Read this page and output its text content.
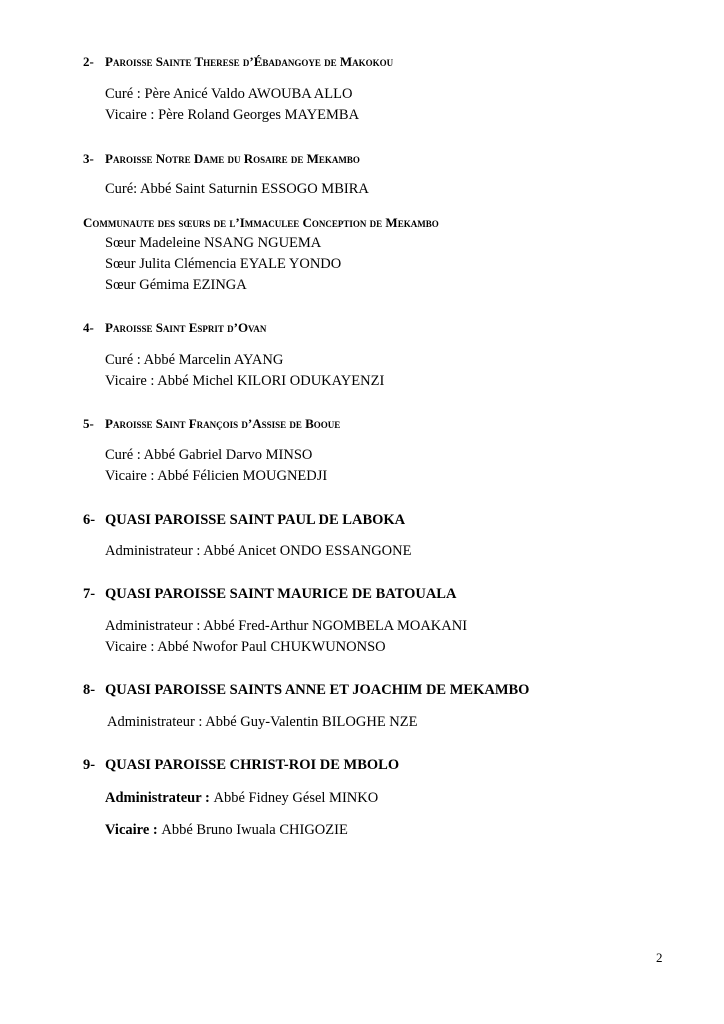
2- Paroisse Sainte Therese d’Ébadangoye de Makokou
Curé : Père Anicé Valdo AWOUBA ALLO
Vicaire : Père Roland Georges MAYEMBA
3- Paroisse Notre Dame du Rosaire de Mekambo
Curé: Abbé Saint Saturnin ESSOGO MBIRA
Communaute des sœurs de l’Immaculee Conception de Mekambo
Sœur Madeleine NSANG NGUEMA
Sœur Julita Clémencia EYALE YONDO
Sœur Gémima EZINGA
4- Paroisse Saint Esprit d’Ovan
Curé : Abbé Marcelin AYANG
Vicaire : Abbé Michel KILORI ODUKAYENZI
5- Paroisse Saint François d’Assise de Booue
Curé : Abbé Gabriel Darvo MINSO
Vicaire : Abbé Félicien MOUGNEDJI
6- QUASI PAROISSE SAINT PAUL DE LABOKA
Administrateur : Abbé Anicet ONDO ESSANGONE
7- QUASI PAROISSE SAINT MAURICE DE BATOUALA
Administrateur : Abbé Fred-Arthur NGOMBELA MOAKANI
Vicaire : Abbé Nwofor Paul CHUKWUNONSO
8- QUASI PAROISSE SAINTS ANNE ET JOACHIM DE MEKAMBO
Administrateur : Abbé Guy-Valentin BILOGHE NZE
9- QUASI PAROISSE CHRIST-ROI DE MBOLO
Administrateur : Abbé Fidney Gésel MINKO
Vicaire : Abbé Bruno Iwuala CHIGOZIE
2
